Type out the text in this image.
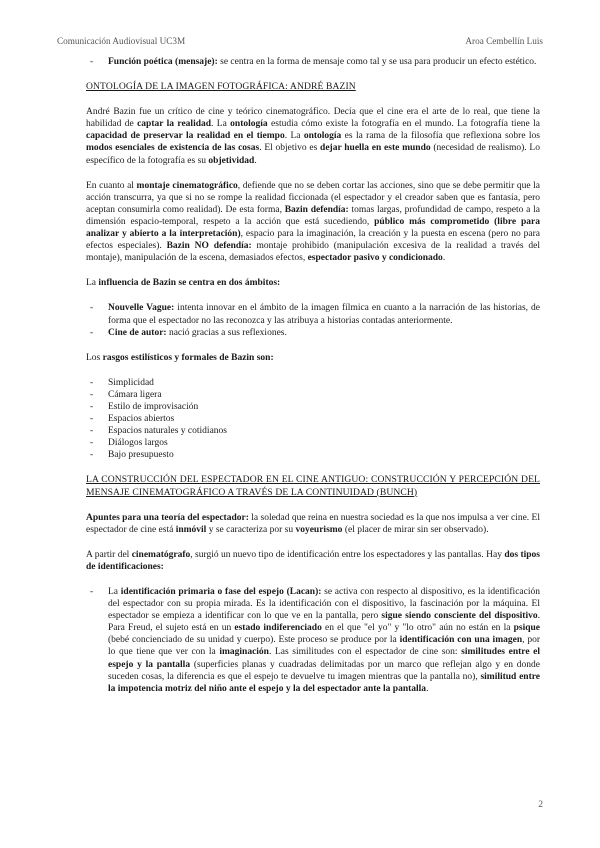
Comunicación Audiovisual UC3M	Aroa Cembellín Luis

- Función poética (mensaje): se centra en la forma de mensaje como tal y se usa para producir un efecto estético.

ONTOLOGÍA DE LA IMAGEN FOTOGRÁFICA: ANDRÉ BAZIN

André Bazin fue un crítico de cine y teórico cinematográfico. Decía que el cine era el arte de lo real, que tiene la habilidad de captar la realidad. La ontología estudia cómo existe la fotografía en el mundo. La fotografía tiene la capacidad de preservar la realidad en el tiempo. La ontología es la rama de la filosofía que reflexiona sobre los modos esenciales de existencia de las cosas. El objetivo es dejar huella en este mundo (necesidad de realismo). Lo específico de la fotografía es su objetividad.

En cuanto al montaje cinematográfico, defiende que no se deben cortar las acciones, sino que se debe permitir que la acción transcurra, ya que si no se rompe la realidad ficcionada (el espectador y el creador saben que es fantasía, pero aceptan consumirla como realidad). De esta forma, Bazin defendía: tomas largas, profundidad de campo, respeto a la dimensión espacio-temporal, respeto a la acción que está sucediendo, público más comprometido (libre para analizar y abierto a la interpretación), espacio para la imaginación, la creación y la puesta en escena (pero no para efectos especiales). Bazin NO defendía: montaje prohibido (manipulación excesiva de la realidad a través del montaje), manipulación de la escena, demasiados efectos, espectador pasivo y condicionado.

La influencia de Bazin se centra en dos ámbitos:

- Nouvelle Vague: intenta innovar en el ámbito de la imagen fílmica en cuanto a la narración de las historias, de forma que el espectador no las reconozca y las atribuya a historias contadas anteriormente.

- Cine de autor: nació gracias a sus reflexiones.

Los rasgos estilísticos y formales de Bazin son:

- Simplicidad
- Cámara ligera
- Estilo de improvisación
- Espacios abiertos
- Espacios naturales y cotidianos
- Diálogos largos
- Bajo presupuesto

LA CONSTRUCCIÓN DEL ESPECTADOR EN EL CINE ANTIGUO: CONSTRUCCIÓN Y PERCEPCIÓN DEL MENSAJE CINEMATOGRÁFICO A TRAVÉS DE LA CONTINUIDAD (BUNCH)

Apuntes para una teoría del espectador: la soledad que reina en nuestra sociedad es la que nos impulsa a ver cine. El espectador de cine está inmóvil y se caracteriza por su voyeurismo (el placer de mirar sin ser observado).

A partir del cinematógrafo, surgió un nuevo tipo de identificación entre los espectadores y las pantallas. Hay dos tipos de identificaciones:

- La identificación primaria o fase del espejo (Lacan): se activa con respecto al dispositivo, es la identificación del espectador con su propia mirada. Es la identificación con el dispositivo, la fascinación por la máquina. El espectador se empieza a identificar con lo que ve en la pantalla, pero sigue siendo consciente del dispositivo. Para Freud, el sujeto está en un estado indiferenciado en el que "el yo" y "lo otro" aún no están en la psique (bebé concienciado de su unidad y cuerpo). Este proceso se produce por la identificación con una imagen, por lo que tiene que ver con la imaginación. Las similitudes con el espectador de cine son: similitudes entre el espejo y la pantalla (superficies planas y cuadradas delimitadas por un marco que reflejan algo y en donde suceden cosas, la diferencia es que el espejo te devuelve tu imagen mientras que la pantalla no), similitud entre la impotencia motriz del niño ante el espejo y la del espectador ante la pantalla.

2
